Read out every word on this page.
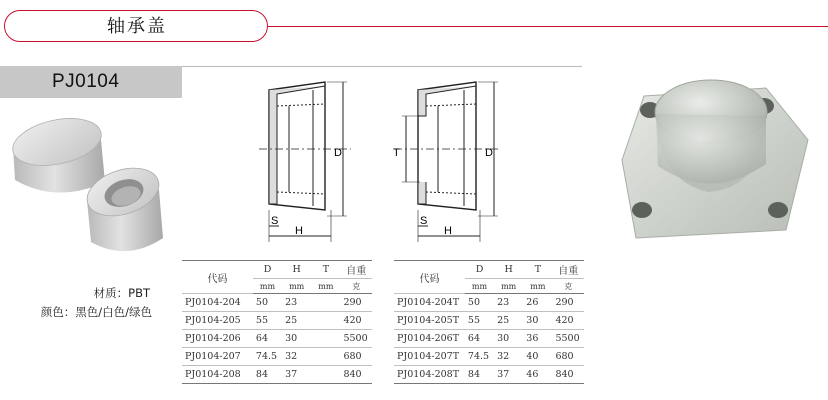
轴承盖
PJ0104
材质：PBT
颜色：黑色/白色/绿色
D
H
S
D
T
H
S
代码	D	H	T	自重
	mm	mm	mm	克
PJ0104-204	50	23		290
PJ0104-205	55	25		420
PJ0104-206	64	30		5500
PJ0104-207	74.5	32		680
PJ0104-208	84	37		840
代码	D	H	T	自重
	mm	mm	mm	克
PJ0104-204T	50	23	26	290
PJ0104-205T	55	25	30	420
PJ0104-206T	64	30	36	5500
PJ0104-207T	74.5	32	40	680
PJ0104-208T	84	37	46	840
